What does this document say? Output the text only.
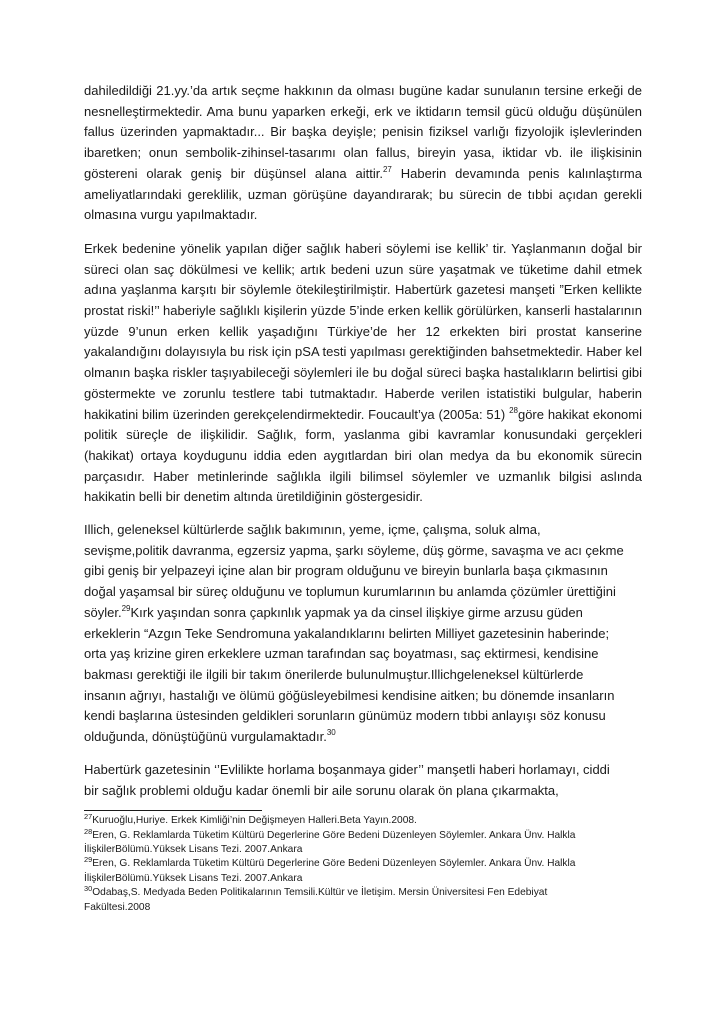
dahiledildiği 21.yy.’da artık seçme hakkının da olması bugüne kadar sunulanın tersine erkeği de nesnelleştirmektedir. Ama bunu yaparken erkeği, erk ve iktidarın temsil gücü olduğu düşünülen fallus üzerinden yapmaktadır... Bir başka deyişle; penisin fiziksel varlığı fizyolojik işlevlerinden ibaretken; onun sembolik-zihinsel-tasarımı olan fallus, bireyin yasa, iktidar vb. ile ilişkisinin göstereni olarak geniş bir düşünsel alana aittir.$^{27}$ Haberin devamında penis kalınlaştırma ameliyatlarındaki gereklilik, uzman görüşüne dayandırarak; bu sürecin de tıbbi açıdan gerekli olmasına vurgu yapılmaktadır.

Erkek bedenine yönelik yapılan diğer sağlık haberi söylemi ise kellik’ tir. Yaşlanmanın doğal bir süreci olan saç dökülmesi ve kellik; artık bedeni uzun süre yaşatmak ve tüketime dahil etmek adına yaşlanma karşıtı bir söylemle ötekileştirilmiştir. Habertürk gazetesi manşeti ”Erken kellikte prostat riski!’’ haberiyle sağlıklı kişilerin yüzde 5’inde erken kellik görülürken, kanserli hastalarının yüzde 9’unun erken kellik yaşadığını Türkiye’de her 12 erkekten biri prostat kanserine yakalandığını dolayısıyla bu risk için pSA testi yapılması gerektiğinden bahsetmektedir. Haber kel olmanın başka riskler taşıyabileceği söylemleri ile bu doğal süreci başka hastalıkların belirtisi gibi göstermekte ve zorunlu testlere tabi tutmaktadır. Haberde verilen istatistiki bulgular, haberin hakikatini bilim üzerinden gerekçelendirmektedir. Foucault’ya (2005a: 51) $^{28}$göre hakikat ekonomi politik süreçle de ilişkilidir. Sağlık, form, yaslanma gibi kavramlar konusundaki gerçekleri (hakikat) ortaya koydugunu iddia eden aygıtlardan biri olan medya da bu ekonomik sürecin parçasıdır. Haber metinlerinde sağlıkla ilgili bilimsel söylemler ve uzmanlık bilgisi aslında hakikatin belli bir denetim altında üretildiğinin göstergesidir.

Illich, geleneksel kültürlerde sağlık bakımının, yeme, içme, çalışma, soluk alma,
sevişme,politik davranma, egzersiz yapma, şarkı söyleme, düş görme, savaşma ve acı çekme
gibi geniş bir yelpazeyi içine alan bir program olduğunu ve bireyin bunlarla başa çıkmasının
doğal yaşamsal bir süreç olduğunu ve toplumun kurumlarının bu anlamda çözümler ürettiğini
söyler.$^{29}$Kırk yaşından sonra çapkınlık yapmak ya da cinsel ilişkiye girme arzusu güden
erkeklerin “Azgın Teke Sendromuna yakalandıklarını belirten Milliyet gazetesinin haberinde;
orta yaş krizine giren erkeklere uzman tarafından saç boyatması, saç ektirmesi, kendisine
bakması gerektiği ile ilgili bir takım önerilerde bulunulmuştur.Illichgeleneksel kültürlerde
insanın ağrıyı, hastalığı ve ölümü göğüsleyebilmesi kendisine aitken; bu dönemde insanların
kendi başlarına üstesinden geldikleri sorunların günümüz modern tıbbi anlayışı söz konusu
olduğunda, dönüştüğünü vurgulamaktadır.$^{30}$

Habertürk gazetesinin ‘’Evlilikte horlama boşanmaya gider’’ manşetli haberi horlamayı, ciddi
bir sağlık problemi olduğu kadar önemli bir aile sorunu olarak ön plana çıkarmakta,

$^{27}$Kuruoğlu,Huriye. Erkek Kimliği’nin Değişmeyen Halleri.Beta Yayın.2008.

$^{28}$Eren, G. Reklamlarda Tüketim Kültürü Degerlerine Göre Bedeni Düzenleyen Söylemler. Ankara Ünv. Halkla
İlişkilerBölümü.Yüksek Lisans Tezi. 2007.Ankara

$^{29}$Eren, G. Reklamlarda Tüketim Kültürü Degerlerine Göre Bedeni Düzenleyen Söylemler. Ankara Ünv. Halkla
İlişkilerBölümü.Yüksek Lisans Tezi. 2007.Ankara

$^{30}$Odabaş,S. Medyada Beden Politikalarının Temsili.Kültür ve İletişim. Mersin Üniversitesi Fen Edebiyat
Fakültesi.2008
